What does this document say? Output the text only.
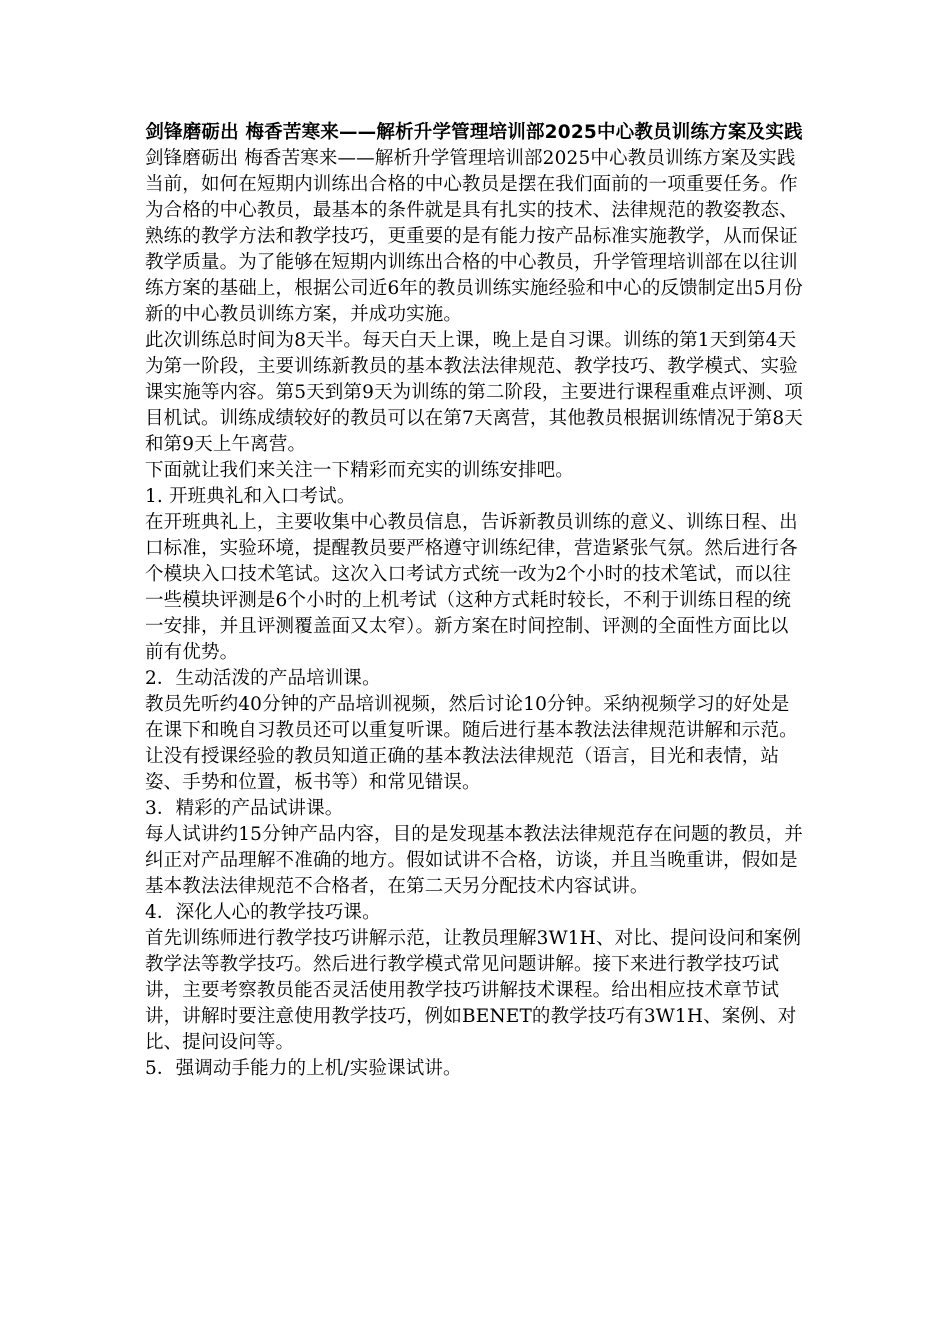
剑锋磨砺出 梅香苦寒来——解析升学管理培训部2025中心教员训练方案及实践

剑锋磨砺出 梅香苦寒来——解析升学管理培训部2025中心教员训练方案及实践

当前，如何在短期内训练出合格的中心教员是摆在我们面前的一项重要任务。作为合格的中心教员，最基本的条件就是具有扎实的技术、法律规范的教姿教态、熟练的教学方法和教学技巧，更重要的是有能力按产品标准实施教学，从而保证教学质量。为了能够在短期内训练出合格的中心教员，升学管理培训部在以往训练方案的基础上，根据公司近6年的教员训练实施经验和中心的反馈制定出5月份新的中心教员训练方案，并成功实施。

此次训练总时间为8天半。每天白天上课，晚上是自习课。训练的第1天到第4天为第一阶段，主要训练新教员的基本教法法律规范、教学技巧、教学模式、实验课实施等内容。第5天到第9天为训练的第二阶段，主要进行课程重难点评测、项目机试。训练成绩较好的教员可以在第7天离营，其他教员根据训练情况于第8天和第9天上午离营。

下面就让我们来关注一下精彩而充实的训练安排吧。

1. 开班典礼和入口考试。

在开班典礼上，主要收集中心教员信息，告诉新教员训练的意义、训练日程、出口标准，实验环境，提醒教员要严格遵守训练纪律，营造紧张气氛。然后进行各个模块入口技术笔试。这次入口考试方式统一改为2个小时的技术笔试，而以往一些模块评测是6个小时的上机考试（这种方式耗时较长，不利于训练日程的统一安排，并且评测覆盖面又太窄）。新方案在时间控制、评测的全面性方面比以前有优势。

2．生动活泼的产品培训课。

教员先听约40分钟的产品培训视频，然后讨论10分钟。采纳视频学习的好处是在课下和晚自习教员还可以重复听课。随后进行基本教法法律规范讲解和示范。让没有授课经验的教员知道正确的基本教法法律规范（语言，目光和表情，站姿、手势和位置，板书等）和常见错误。

3．精彩的产品试讲课。

每人试讲约15分钟产品内容，目的是发现基本教法法律规范存在问题的教员，并纠正对产品理解不准确的地方。假如试讲不合格，访谈，并且当晚重讲，假如是基本教法法律规范不合格者，在第二天另分配技术内容试讲。

4．深化人心的教学技巧课。

首先训练师进行教学技巧讲解示范，让教员理解3W1H、对比、提问设问和案例教学法等教学技巧。然后进行教学模式常见问题讲解。接下来进行教学技巧试讲，主要考察教员能否灵活使用教学技巧讲解技术课程。给出相应技术章节试讲，讲解时要注意使用教学技巧，例如BENET的教学技巧有3W1H、案例、对比、提问设问等。

5．强调动手能力的上机/实验课试讲。
